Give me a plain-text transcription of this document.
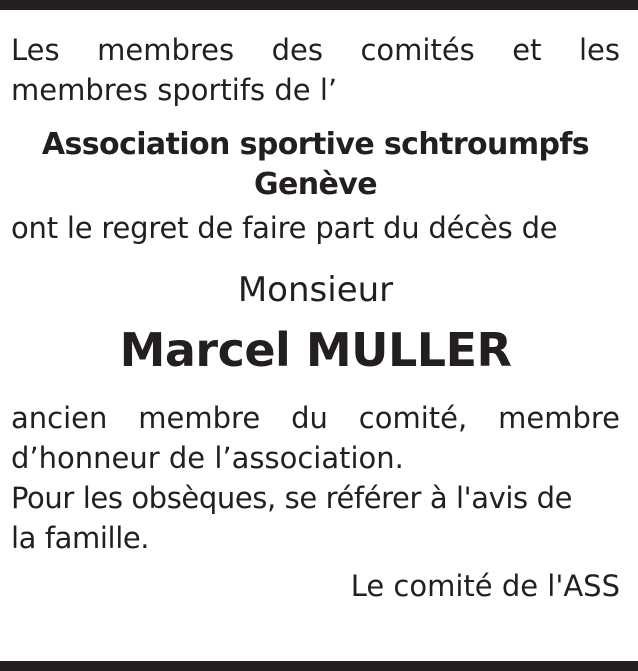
Les membres des comités et les
membres sportifs de l’

Association sportive schtroumpfs
Genève

ont le regret de faire part du décès de

Monsieur
Marcel MULLER

ancien membre du comité, membre
d’honneur de l’association.

Pour les obsèques, se référer à l'avis de
la famille.

Le comité de l'ASS
